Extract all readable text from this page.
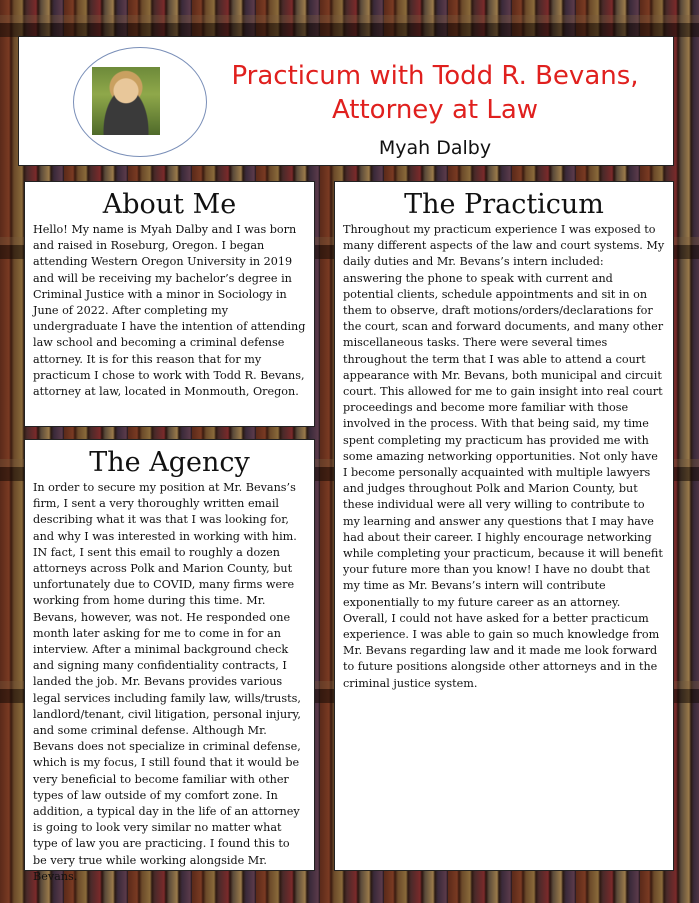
Practicum with Todd R. Bevans,
Attorney at Law

Myah Dalby

About Me

Hello! My name is Myah Dalby and I was born and raised in Roseburg, Oregon. I began attending Western Oregon University in 2019 and will be receiving my bachelor’s degree in Criminal Justice with a minor in Sociology in June of 2022. After completing my undergraduate I have the intention of attending law school and becoming a criminal defense attorney. It is for this reason that for my practicum I chose to work with Todd R. Bevans, attorney at law, located in Monmouth, Oregon.

The Agency

In order to secure my position at Mr. Bevans’s firm, I sent a very thoroughly written email describing what it was that I was looking for, and why I was interested in working with him. IN fact, I sent this email to roughly a dozen attorneys across Polk and Marion County, but unfortunately due to COVID, many firms were working from home during this time. Mr. Bevans, however, was not. He responded one month later asking for me to come in for an interview. After a minimal background check and signing many confidentiality contracts, I landed the job. Mr. Bevans provides various legal services including family law, wills/trusts, landlord/tenant, civil litigation, personal injury, and some criminal defense. Although Mr. Bevans does not specialize in criminal defense, which is my focus, I still found that it would be very beneficial to become familiar with other types of law outside of my comfort zone. In addition, a typical day in the life of an attorney is going to look very similar no matter what type of law you are practicing. I found this to be very true while working alongside Mr. Bevans.

The Practicum

Throughout my practicum experience I was exposed to many different aspects of the law and court systems. My daily duties and Mr. Bevans’s intern included: answering the phone to speak with current and potential clients, schedule appointments and sit in on them to observe, draft motions/orders/declarations for the court, scan and forward documents, and many other miscellaneous tasks. There were several times throughout the term that I was able to attend a court appearance with Mr. Bevans, both municipal and circuit court. This allowed for me to gain insight into real court proceedings and become more familiar with those involved in the process. With that being said, my time spent completing my practicum has provided me with some amazing networking opportunities. Not only have I become personally acquainted with multiple lawyers and judges throughout Polk and Marion County, but these individual were all very willing to contribute to my learning and answer any questions that I may have had about their career. I highly encourage networking while completing your practicum, because it will benefit your future more than you know! I have no doubt that my time as Mr. Bevans’s intern will contribute exponentially to my future career as an attorney. Overall, I could not have asked for a better practicum experience. I was able to gain so much knowledge from Mr. Bevans regarding law and it made me look forward to future positions alongside other attorneys and in the criminal justice system.
